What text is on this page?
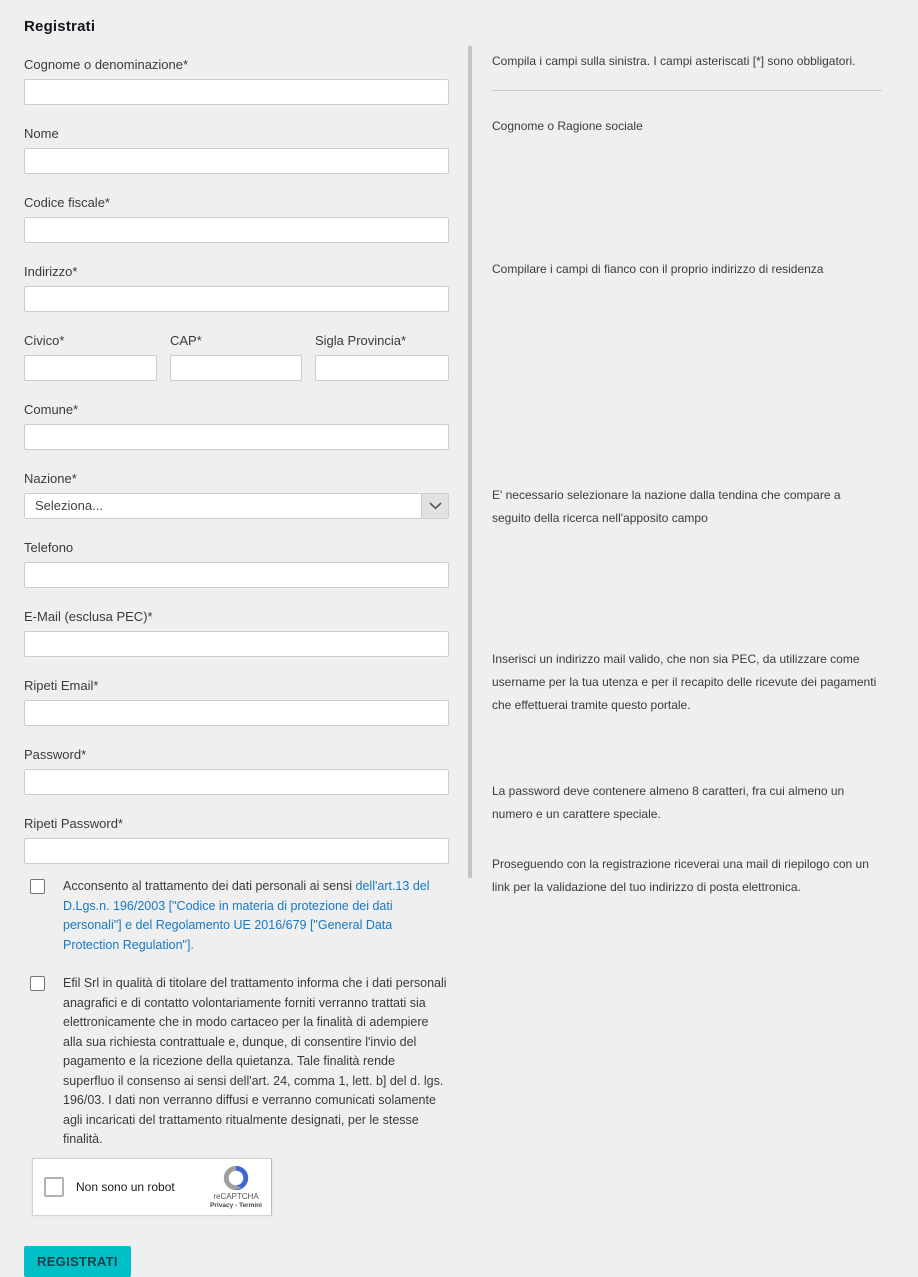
Registrati
Cognome o denominazione*
Nome
Codice fiscale*
Indirizzo*
Civico*	CAP*	Sigla Provincia*
Comune*
Nazione*
Seleziona...
Telefono
E-Mail (esclusa PEC)*
Ripeti Email*
Password*
Ripeti Password*
Acconsento al trattamento dei dati personali ai sensi dell'art.13 del D.Lgs.n. 196/2003 ["Codice in materia di protezione dei dati personali"] e del Regolamento UE 2016/679 ["General Data Protection Regulation"].
Efil Srl in qualità di titolare del trattamento informa che i dati personali anagrafici e di contatto volontariamente forniti verranno trattati sia elettronicamente che in modo cartaceo per la finalità di adempiere alla sua richiesta contrattuale e, dunque, di consentire l'invio del pagamento e la ricezione della quietanza. Tale finalità rende superfluo il consenso ai sensi dell'art. 24, comma 1, lett. b] del d. lgs. 196/03. I dati non verranno diffusi e verranno comunicati solamente agli incaricati del trattamento ritualmente designati, per le stesse finalità.
Non sono un robot
reCAPTCHA
Privacy - Termini
REGISTRATI

Compila i campi sulla sinistra. I campi asteriscati [*] sono obbligatori.

Cognome o Ragione sociale

Compilare i campi di fianco con il proprio indirizzo di residenza

E' necessario selezionare la nazione dalla tendina che compare a seguito della ricerca nell'apposito campo

Inserisci un indirizzo mail valido, che non sia PEC, da utilizzare come username per la tua utenza e per il recapito delle ricevute dei pagamenti che effettuerai tramite questo portale.

La password deve contenere almeno 8 caratteri, fra cui almeno un numero e un carattere speciale.

Proseguendo con la registrazione riceverai una mail di riepilogo con un link per la validazione del tuo indirizzo di posta elettronica.
